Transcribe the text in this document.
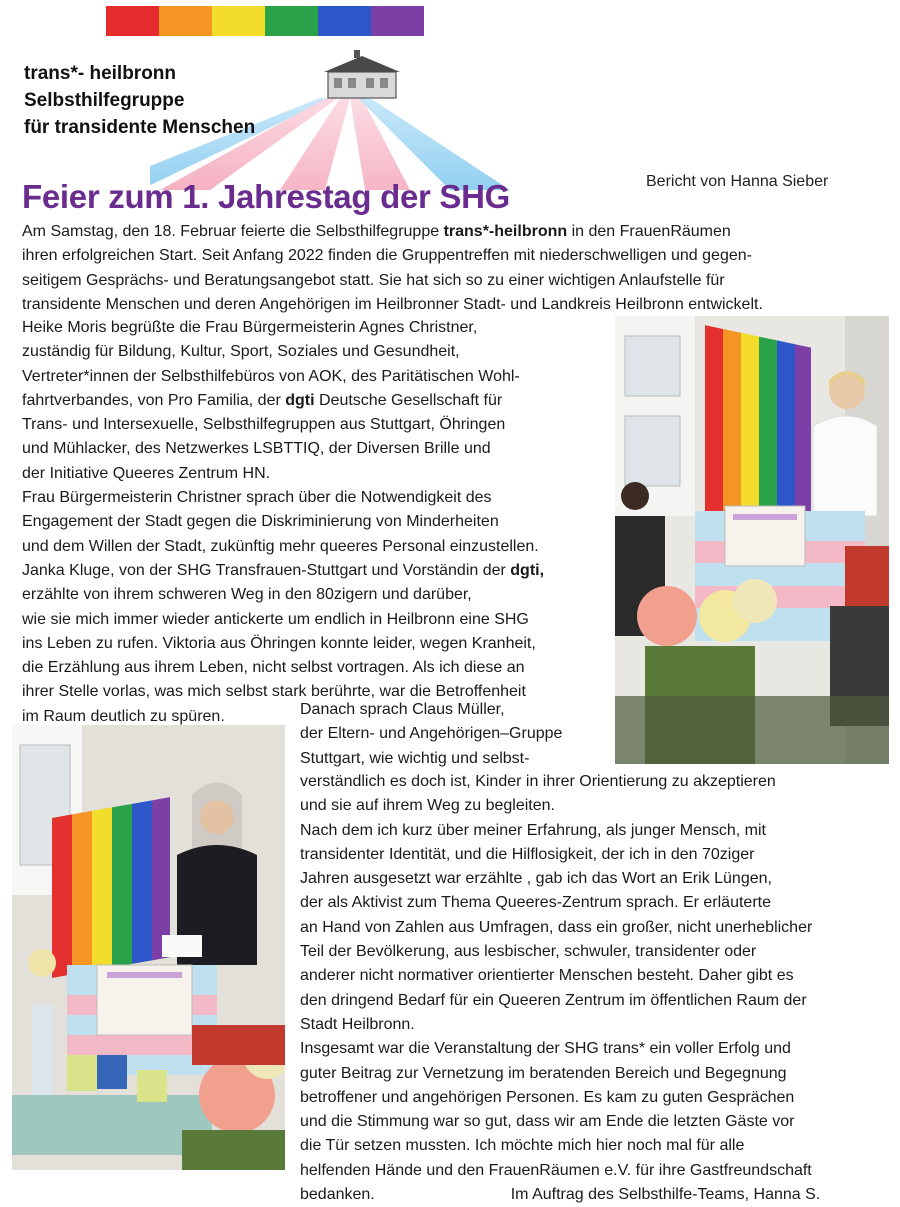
trans*- heilbronn
Selbsthilfegruppe
für transidente Menschen
Feier zum 1. Jahrestag der SHG	Bericht von Hanna Sieber
Am Samstag, den 18. Februar feierte die Selbsthilfegruppe trans*-heilbronn in den FrauenRäumen
ihren erfolgreichen Start. Seit Anfang 2022 finden die Gruppentreffen mit niederschwelligen und gegen-
seitigem Gesprächs- und Beratungsangebot statt. Sie hat sich so zu einer wichtigen Anlaufstelle für
transidente Menschen und deren Angehörigen im Heilbronner Stadt- und Landkreis Heilbronn entwickelt.
Heike Moris begrüßte die Frau Bürgermeisterin Agnes Christner,
zuständig für Bildung, Kultur, Sport, Soziales und Gesundheit,
Vertreter*innen der Selbsthilfebüros von AOK, des Paritätischen Wohl-
fahrtverbandes, von Pro Familia, der dgti Deutsche Gesellschaft für
Trans- und Intersexuelle, Selbsthilfegruppen aus Stuttgart, Öhringen
und Mühlacker, des Netzwerkes LSBTTIQ, der Diversen Brille und
der Initiative Queeres Zentrum HN.
Frau Bürgermeisterin Christner sprach über die Notwendigkeit des
Engagement der Stadt gegen die Diskriminierung von Minderheiten
und dem Willen der Stadt, zukünftig mehr queeres Personal einzustellen.
Janka Kluge, von der SHG Transfrauen-Stuttgart und Vorständin der dgti,
erzählte von ihrem schweren Weg in den 80zigern und darüber,
wie sie mich immer wieder antickerte um endlich in Heilbronn eine SHG
ins Leben zu rufen. Viktoria aus Öhringen konnte leider, wegen Kranheit,
die Erzählung aus ihrem Leben, nicht selbst vortragen. Als ich diese an
ihrer Stelle vorlas, was mich selbst stark berührte, war die Betroffenheit
im Raum deutlich zu spüren.	Danach sprach Claus Müller,
der Eltern- und Angehörigen–Gruppe
Stuttgart, wie wichtig und selbst-
verständlich es doch ist, Kinder in ihrer Orientierung zu akzeptieren
und sie auf ihrem Weg zu begleiten.
Nach dem ich kurz über meiner Erfahrung, als junger Mensch, mit
transidenter Identität, und die Hilflosigkeit, der ich in den 70ziger
Jahren ausgesetzt war erzählte , gab ich das Wort an Erik Lüngen,
der als Aktivist zum Thema Queeres-Zentrum sprach. Er erläuterte
an Hand von Zahlen aus Umfragen, dass ein großer, nicht unerheblicher
Teil der Bevölkerung, aus lesbischer, schwuler, transidenter oder
anderer nicht normativer orientierter Menschen besteht. Daher gibt es
den dringend Bedarf für ein Queeren Zentrum im öffentlichen Raum der
Stadt Heilbronn.
Insgesamt war die Veranstaltung der SHG trans* ein voller Erfolg und
guter Beitrag zur Vernetzung im beratenden Bereich und Begegnung
betroffener und angehörigen Personen. Es kam zu guten Gesprächen
und die Stimmung war so gut, dass wir am Ende die letzten Gäste vor
die Tür setzen mussten. Ich möchte mich hier noch mal für alle
helfenden Hände und den FrauenRäumen e.V. für ihre Gastfreundschaft
bedanken.	Im Auftrag des Selbsthilfe-Teams, Hanna S.
